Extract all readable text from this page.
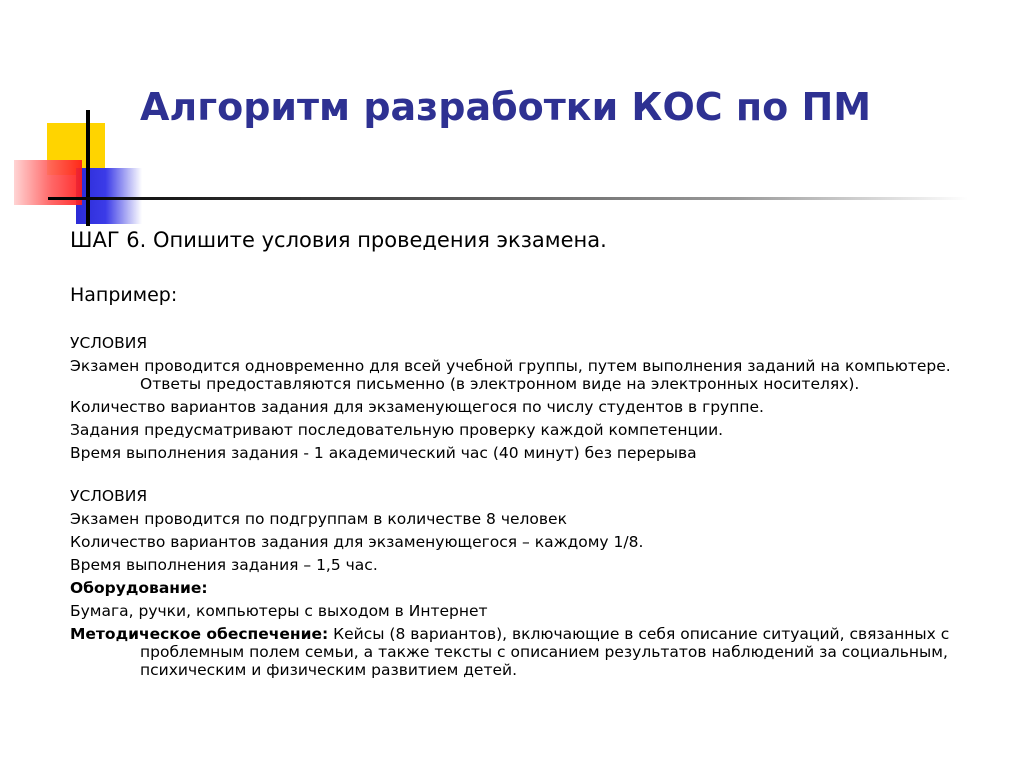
Алгоритм разработки КОС по ПМ

ШАГ 6. Опишите условия проведения экзамена.

Например:

УСЛОВИЯ

Экзамен проводится одновременно для всей учебной группы, путем выполнения заданий на компьютере. Ответы предоставляются письменно (в электронном виде на электронных носителях).

Количество вариантов задания для экзаменующегося по числу студентов в группе.

Задания предусматривают последовательную проверку каждой компетенции.

Время выполнения задания - 1 академический час (40 минут) без перерыва

УСЛОВИЯ

Экзамен проводится по подгруппам в количестве 8 человек

Количество вариантов задания для экзаменующегося – каждому 1/8.

Время выполнения задания – 1,5 час.

Оборудование:

Бумага, ручки, компьютеры с выходом в Интернет

Методическое обеспечение: Кейсы (8 вариантов), включающие в себя описание ситуаций, связанных с проблемным полем семьи, а также тексты с описанием результатов наблюдений за социальным, психическим и физическим развитием детей.
